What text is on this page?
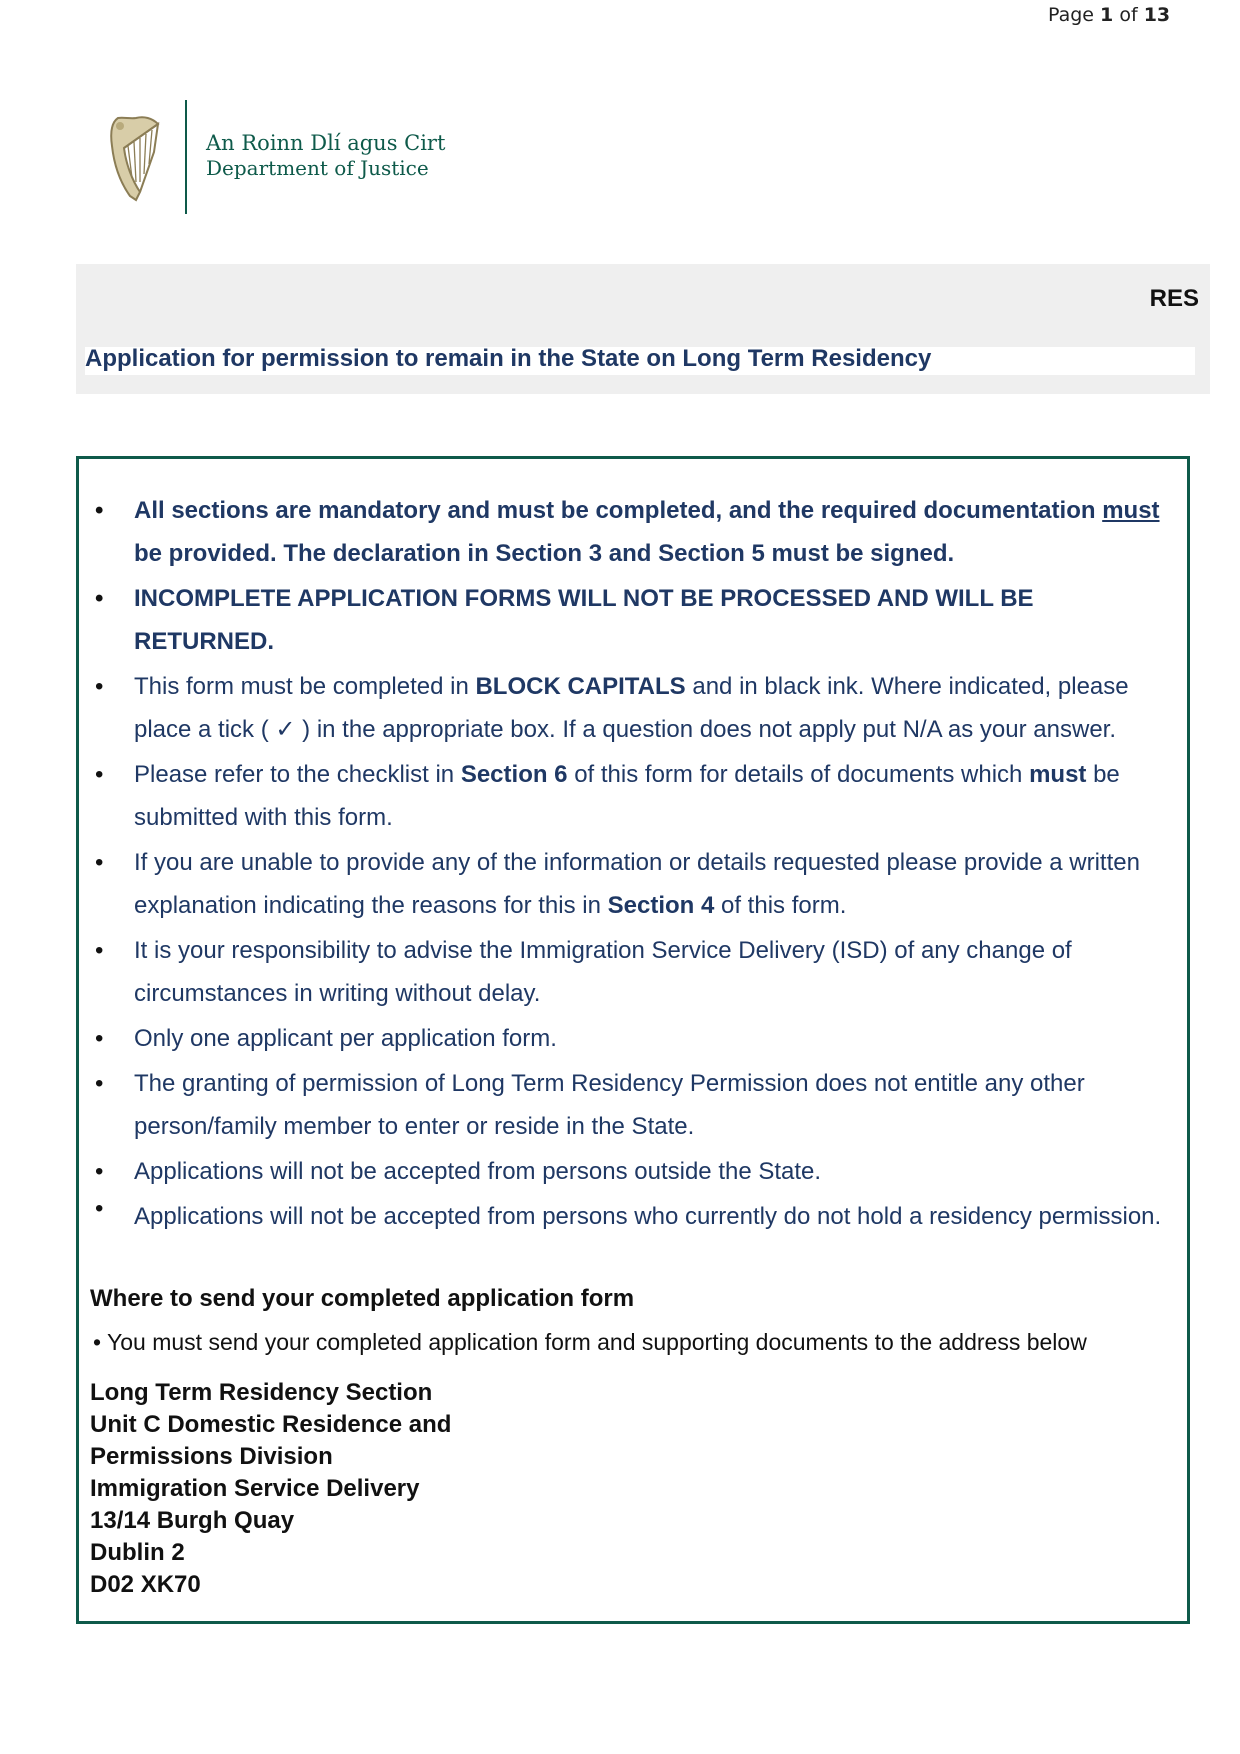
Page 1 of 13
An Roinn Dlí agus Cirt
Department of Justice
RES
Application for permission to remain in the State on Long Term Residency
• All sections are mandatory and must be completed, and the required documentation must be provided. The declaration in Section 3 and Section 5 must be signed.
• INCOMPLETE APPLICATION FORMS WILL NOT BE PROCESSED AND WILL BE RETURNED.
• This form must be completed in BLOCK CAPITALS and in black ink. Where indicated, please place a tick ( ✓ ) in the appropriate box. If a question does not apply put N/A as your answer.
• Please refer to the checklist in Section 6 of this form for details of documents which must be submitted with this form.
• If you are unable to provide any of the information or details requested please provide a written explanation indicating the reasons for this in Section 4 of this form.
• It is your responsibility to advise the Immigration Service Delivery (ISD) of any change of circumstances in writing without delay.
• Only one applicant per application form.
• The granting of permission of Long Term Residency Permission does not entitle any other person/family member to enter or reside in the State.
• Applications will not be accepted from persons outside the State.
• Applications will not be accepted from persons who currently do not hold a residency permission.
Where to send your completed application form
• You must send your completed application form and supporting documents to the address below
Long Term Residency Section
Unit C Domestic Residence and
Permissions Division
Immigration Service Delivery
13/14 Burgh Quay
Dublin 2
D02 XK70
